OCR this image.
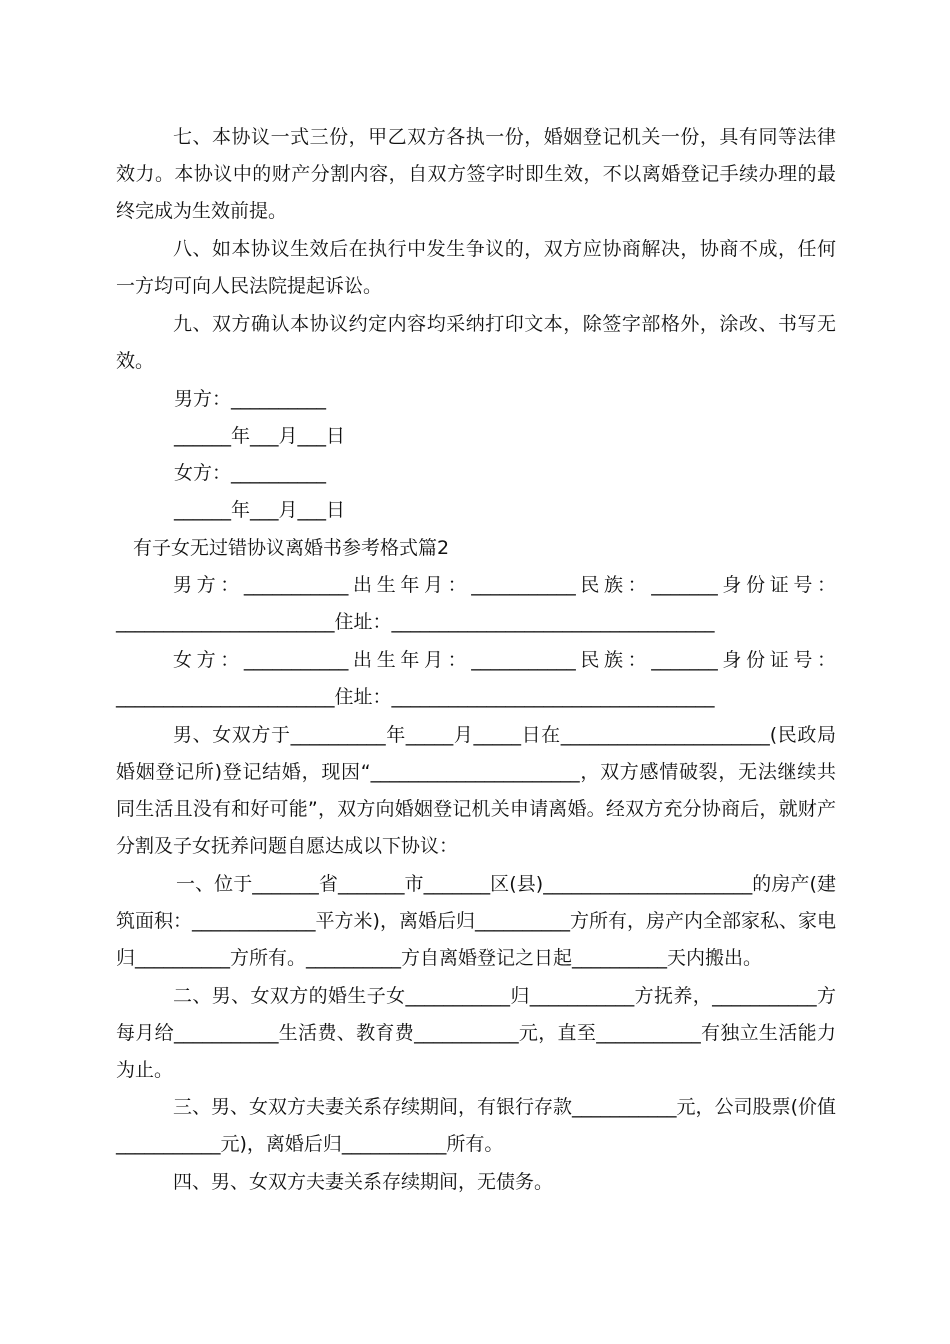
七、本协议一式三份，甲乙双方各执一份，婚姻登记机关一份，具有同等法律效力。本协议中的财产分割内容，自双方签字时即生效，不以离婚登记手续办理的最终完成为生效前提。

八、如本协议生效后在执行中发生争议的，双方应协商解决，协商不成，任何一方均可向人民法院提起诉讼。

九、双方确认本协议约定内容均采纳打印文本，除签字部格外，涂改、书写无效。

男方：__________
______年___月___日
女方：__________
______年___月___日
有子女无过错协议离婚书参考格式篇2

男方：___________出生年月：___________民族：_______身份证号：_______________________住址：__________________________________

女方：___________出生年月：___________民族：_______身份证号：_______________________住址：__________________________________

男、女双方于__________年_____月_____日在______________________(民政局婚姻登记所)登记结婚，现因“______________________，双方感情破裂，无法继续共同生活且没有和好可能”，双方向婚姻登记机关申请离婚。经双方充分协商后，就财产分割及子女抚养问题自愿达成以下协议：

一、位于_______省_______市_______区(县)______________________的房产(建筑面积：_____________平方米)，离婚后归__________方所有，房产内全部家私、家电归__________方所有。__________方自离婚登记之日起__________天内搬出。

二、男、女双方的婚生子女___________归___________方抚养，___________方每月给___________生活费、教育费___________元，直至___________有独立生活能力为止。

三、男、女双方夫妻关系存续期间，有银行存款___________元，公司股票(价值___________元)，离婚后归___________所有。

四、男、女双方夫妻关系存续期间，无债务。
